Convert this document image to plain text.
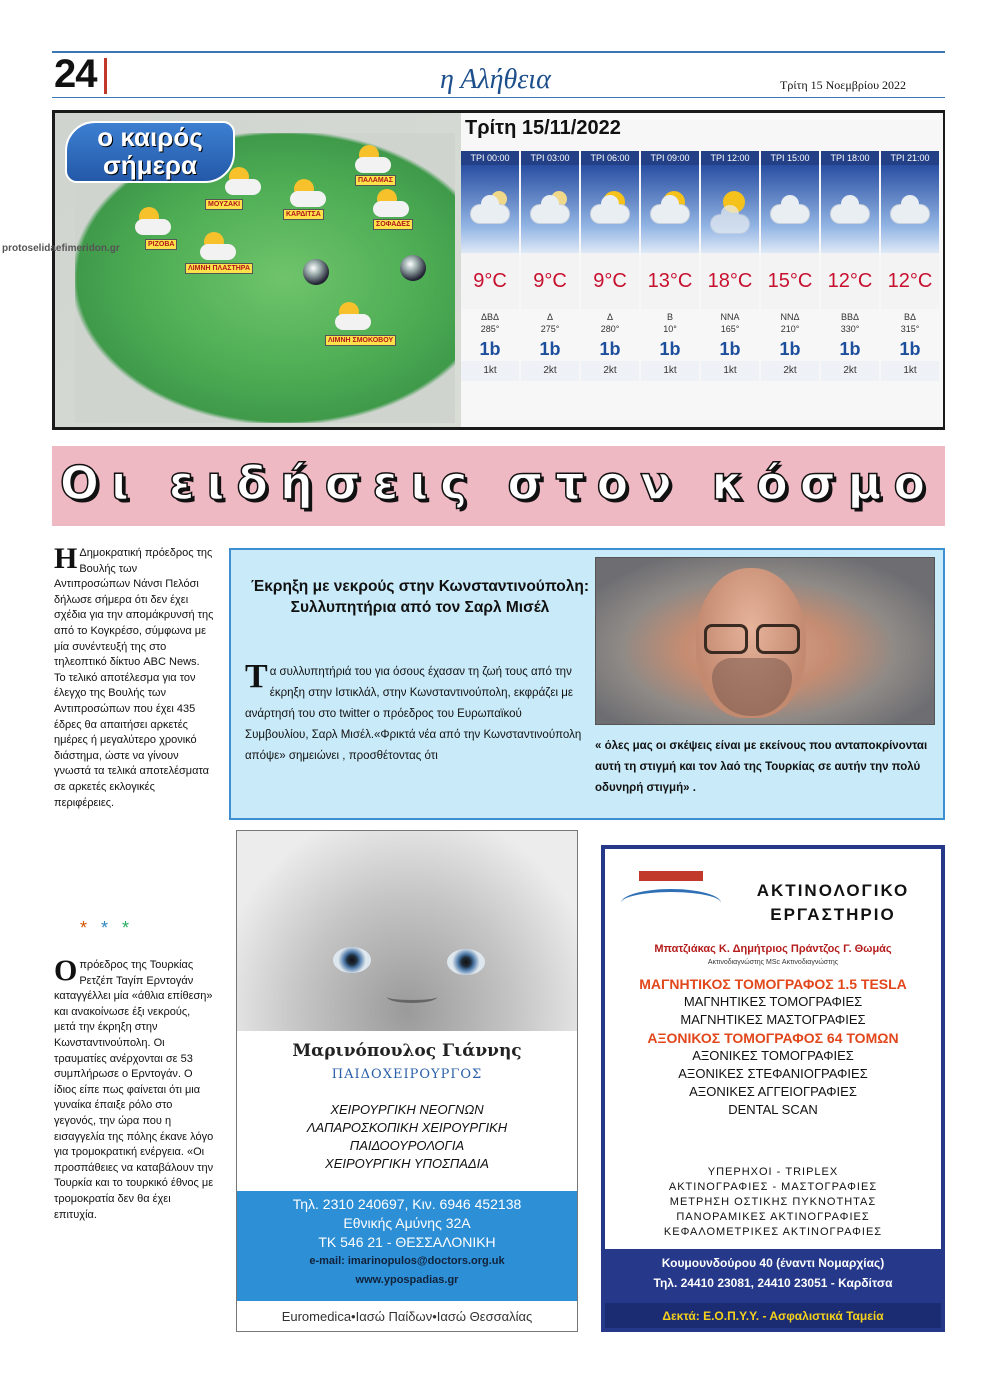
24	η Αλήθεια	Τρίτη 15 Νοεμβρίου 2022
ο καιρός
σήμερα
ΠΑΛΑΜΑΣ
ΜΟΥΖΑΚΙ
ΚΑΡΔΙΤΣΑ
ΣΟΦΑΔΕΣ
ΡΙΖΟΒΑ
ΛΙΜΝΗ ΠΛΑΣΤΗΡΑ
ΛΙΜΝΗ ΣΜΟΚΟΒΟΥ
Τρίτη 15/11/2022
ΤΡΙ 00:00
9°C
ΔΒΔ
285°
1b
1kt
ΤΡΙ 03:00
9°C
Δ
275°
1b
2kt
ΤΡΙ 06:00
9°C
Δ
280°
1b
2kt
ΤΡΙ 09:00
13°C
Β
10°
1b
1kt
ΤΡΙ 12:00
18°C
ΝΝΑ
165°
1b
1kt
ΤΡΙ 15:00
15°C
ΝΝΔ
210°
1b
2kt
ΤΡΙ 18:00
12°C
ΒΒΔ
330°
1b
2kt
ΤΡΙ 21:00
12°C
ΒΔ
315°
1b
1kt
protoselidaefimeridon.gr
Οι ειδήσεις στον κόσμο
Η Δημοκρατική πρόεδρος της Βουλής των Αντιπροσώπων Νάνσι Πελόσι δήλωσε σήμερα ότι δεν έχει σχέδια για την απομάκρυνσή της από το Κογκρέσο, σύμφωνα με μία συνέντευξή της στο τηλεοπτικό δίκτυο ABC News. Το τελικό αποτέλεσμα για τον έλεγχο της Βουλής των Αντιπροσώπων που έχει 435 έδρες θα απαιτήσει αρκετές ημέρες ή μεγαλύτερο χρονικό διάστημα, ώστε να γίνουν γνωστά τα τελικά αποτελέσματα σε αρκετές εκλογικές περιφέρειες.
***
Οπρόεδρος της Τουρκίας Ρετζέπ Ταγίπ Ερντογάν καταγγέλλει μία «άθλια επίθεση» και ανακοίνωσε έξι νεκρούς, μετά την έκρηξη στην Κωνσταντινούπολη. Οι τραυματίες ανέρχονται σε 53 συμπλήρωσε ο Ερντογάν. Ο ίδιος είπε πως φαίνεται ότι μια γυναίκα έπαιξε ρόλο στο γεγονός, την ώρα που η εισαγγελία της πόλης έκανε λόγο για τρομοκρατική ενέργεια. «Οι προσπάθειες να καταβάλουν την Τουρκία και το τουρκικό έθνος με τρομοκρατία δεν θα έχει επιτυχία.
Έκρηξη με νεκρούς στην Κωνσταντινούπολη: Συλλυπητήρια από τον Σαρλ Μισέλ
Τα συλλυπητήριά του για όσους έχασαν τη ζωή τους από την έκρηξη στην Ιστικλάλ, στην Κωνσταντινούπολη, εκφράζει με ανάρτησή του στο twitter ο πρόεδρος του Ευρωπαϊκού Συμβουλίου, Σαρλ Μισέλ.«Φρικτά νέα από την Κωνσταντινούπολη απόψε» σημειώνει , προσθέτοντας ότι
« όλες μας οι σκέψεις είναι με εκείνους που ανταποκρίνονται αυτή τη στιγμή και τον λαό της Τουρκίας σε αυτήν την πολύ οδυνηρή στιγμή» .
Μαρινόπουλος Γιάννης
ΠΑΙΔΟΧΕΙΡΟΥΡΓΟΣ
ΧΕΙΡΟΥΡΓΙΚΗ ΝΕΟΓΝΩΝ
ΛΑΠΑΡΟΣΚΟΠΙΚΗ ΧΕΙΡΟΥΡΓΙΚΗ
ΠΑΙΔΟΟΥΡΟΛΟΓΙΑ
ΧΕΙΡΟΥΡΓΙΚΗ ΥΠΟΣΠΑΔΙΑ
Τηλ. 2310 240697, Κιν. 6946 452138
Εθνικής Αμύνης 32Α
ΤΚ 546 21 - ΘΕΣΣΑΛΟΝΙΚΗ
e-mail: imarinopulos@doctors.org.uk
www.ypospadias.gr
Euromedica•Ιασώ Παίδων•Ιασώ Θεσσαλίας
ΑΚΤΙΝΟΛΟΓΙΚΟ
ΕΡΓΑΣΤΗΡΙΟ
Μπατζιάκας Κ. Δημήτριος Πράντζος Γ. Θωμάς
Ακτινοδιαγνώστης MSc Ακτινοδιαγνώστης
ΜΑΓΝΗΤΙΚΟΣ ΤΟΜΟΓΡΑΦΟΣ 1.5 TESLA
ΜΑΓΝΗΤΙΚΕΣ ΤΟΜΟΓΡΑΦΙΕΣ
ΜΑΓΝΗΤΙΚΕΣ ΜΑΣΤΟΓΡΑΦΙΕΣ
ΑΞΟΝΙΚΟΣ ΤΟΜΟΓΡΑΦΟΣ 64 ΤΟΜΩΝ
ΑΞΟΝΙΚΕΣ ΤΟΜΟΓΡΑΦΙΕΣ
ΑΞΟΝΙΚΕΣ ΣΤΕΦΑΝΙΟΓΡΑΦΙΕΣ
ΑΞΟΝΙΚΕΣ ΑΓΓΕΙΟΓΡΑΦΙΕΣ
DENTAL SCAN
ΥΠΕΡΗΧΟΙ - TRIPLEX
ΑΚΤΙΝΟΓΡΑΦΙΕΣ - ΜΑΣΤΟΓΡΑΦΙΕΣ
ΜΕΤΡΗΣΗ ΟΣΤΙΚΗΣ ΠΥΚΝΟΤΗΤΑΣ
ΠΑΝΟΡΑΜΙΚΕΣ ΑΚΤΙΝΟΓΡΑΦΙΕΣ
ΚΕΦΑΛΟΜΕΤΡΙΚΕΣ ΑΚΤΙΝΟΓΡΑΦΙΕΣ
Κουμουνδούρου 40 (έναντι Νομαρχίας)
Τηλ. 24410 23081, 24410 23051 - Καρδίτσα
Δεκτά: Ε.Ο.Π.Υ.Υ. - Ασφαλιστικά Ταμεία
